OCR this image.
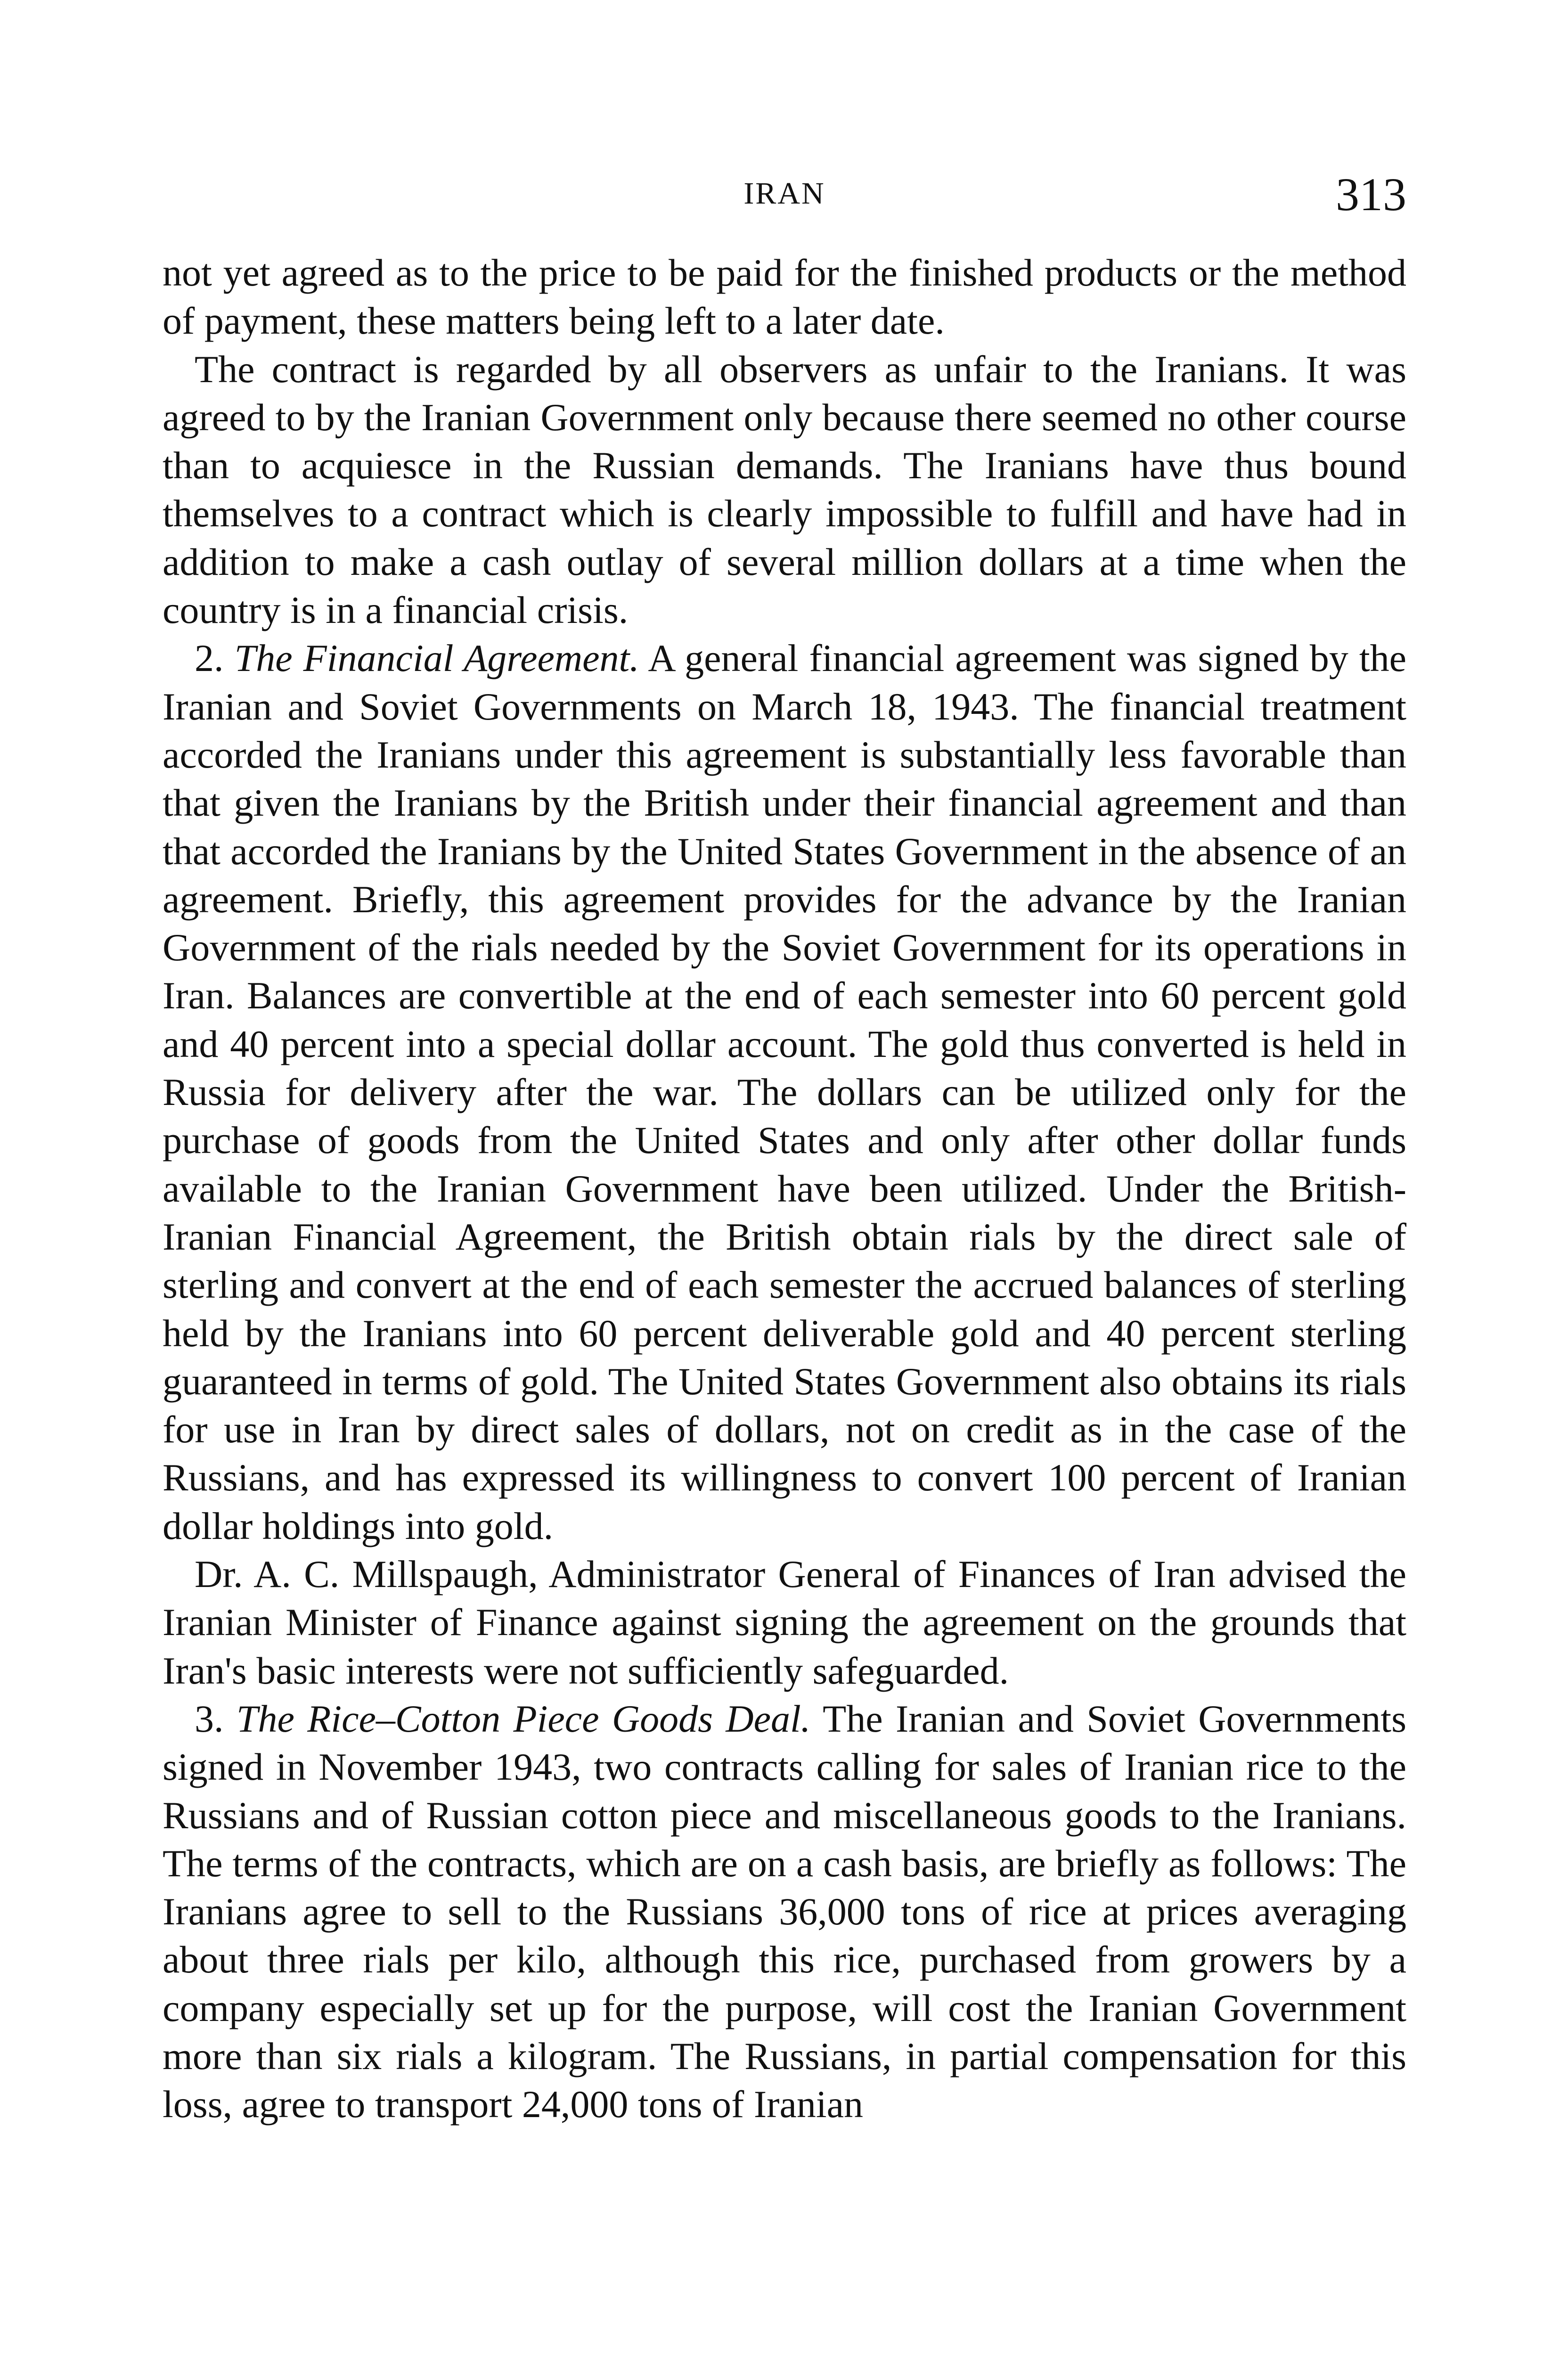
IRAN	313

not yet agreed as to the price to be paid for the finished products or the method of payment, these matters being left to a later date.

The contract is regarded by all observers as unfair to the Iranians. It was agreed to by the Iranian Government only because there seemed no other course than to acquiesce in the Russian demands. The Iranians have thus bound themselves to a contract which is clearly impossible to fulfill and have had in addition to make a cash outlay of several million dollars at a time when the country is in a financial crisis.

2. The Financial Agreement. A general financial agreement was signed by the Iranian and Soviet Governments on March 18, 1943. The financial treatment accorded the Iranians under this agreement is substantially less favorable than that given the Iranians by the British under their financial agreement and than that accorded the Iranians by the United States Government in the absence of an agreement. Briefly, this agreement provides for the advance by the Iranian Government of the rials needed by the Soviet Government for its operations in Iran. Balances are convertible at the end of each semester into 60 percent gold and 40 percent into a special dollar account. The gold thus converted is held in Russia for delivery after the war. The dollars can be utilized only for the purchase of goods from the United States and only after other dollar funds available to the Iranian Government have been utilized. Under the British-Iranian Financial Agreement, the British obtain rials by the direct sale of sterling and convert at the end of each semester the accrued balances of sterling held by the Iranians into 60 percent deliverable gold and 40 percent sterling guaranteed in terms of gold. The United States Government also obtains its rials for use in Iran by direct sales of dollars, not on credit as in the case of the Russians, and has expressed its willingness to convert 100 percent of Iranian dollar holdings into gold.

Dr. A. C. Millspaugh, Administrator General of Finances of Iran advised the Iranian Minister of Finance against signing the agreement on the grounds that Iran's basic interests were not sufficiently safeguarded.

3. The Rice–Cotton Piece Goods Deal. The Iranian and Soviet Governments signed in November 1943, two contracts calling for sales of Iranian rice to the Russians and of Russian cotton piece and miscellaneous goods to the Iranians. The terms of the contracts, which are on a cash basis, are briefly as follows: The Iranians agree to sell to the Russians 36,000 tons of rice at prices averaging about three rials per kilo, although this rice, purchased from growers by a company especially set up for the purpose, will cost the Iranian Government more than six rials a kilogram. The Russians, in partial compensation for this loss, agree to transport 24,000 tons of Iranian
